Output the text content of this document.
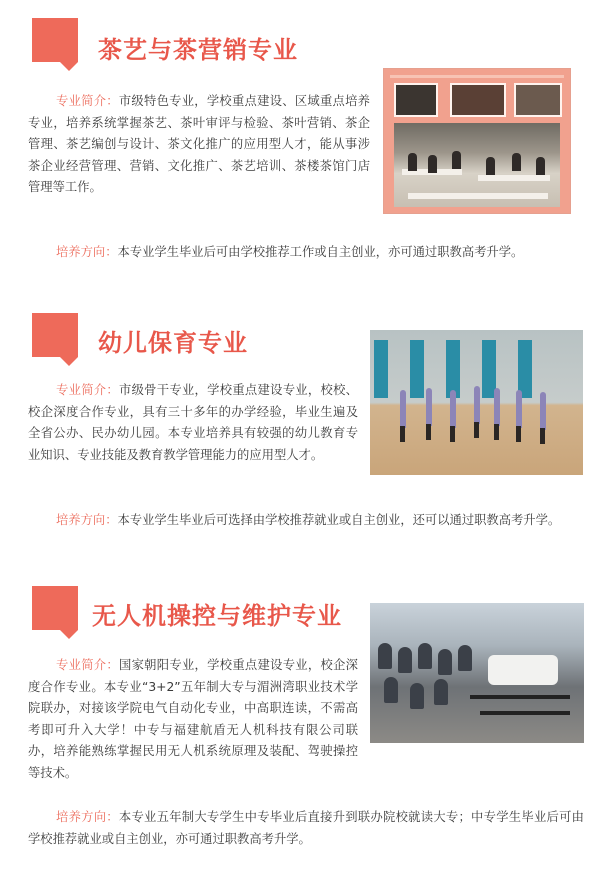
茶艺与茶营销专业
专业简介：市级特色专业，学校重点建设、区域重点培养专业，培养系统掌握茶艺、茶叶审评与检验、茶叶营销、茶企管理、茶艺编创与设计、茶文化推广的应用型人才，能从事涉茶企业经营管理、营销、文化推广、茶艺培训、茶楼茶馆门店管理等工作。
培养方向：本专业学生毕业后可由学校推荐工作或自主创业，亦可通过职教高考升学。
幼儿保育专业
专业简介：市级骨干专业，学校重点建设专业，校校、校企深度合作专业，具有三十多年的办学经验，毕业生遍及全省公办、民办幼儿园。本专业培养具有较强的幼儿教育专业知识、专业技能及教育教学管理能力的应用型人才。
培养方向：本专业学生毕业后可选择由学校推荐就业或自主创业，还可以通过职教高考升学。
无人机操控与维护专业
专业简介：国家朝阳专业，学校重点建设专业，校企深度合作专业。本专业“3+2”五年制大专与湄洲湾职业技术学院联办，对接该学院电气自动化专业，中高职连读，不需高考即可升入大学！中专与福建航盾无人机科技有限公司联办，培养能熟练掌握民用无人机系统原理及装配、驾驶操控等技术。
培养方向：本专业五年制大专学生中专毕业后直接升到联办院校就读大专；中专学生毕业后可由学校推荐就业或自主创业，亦可通过职教高考升学。
